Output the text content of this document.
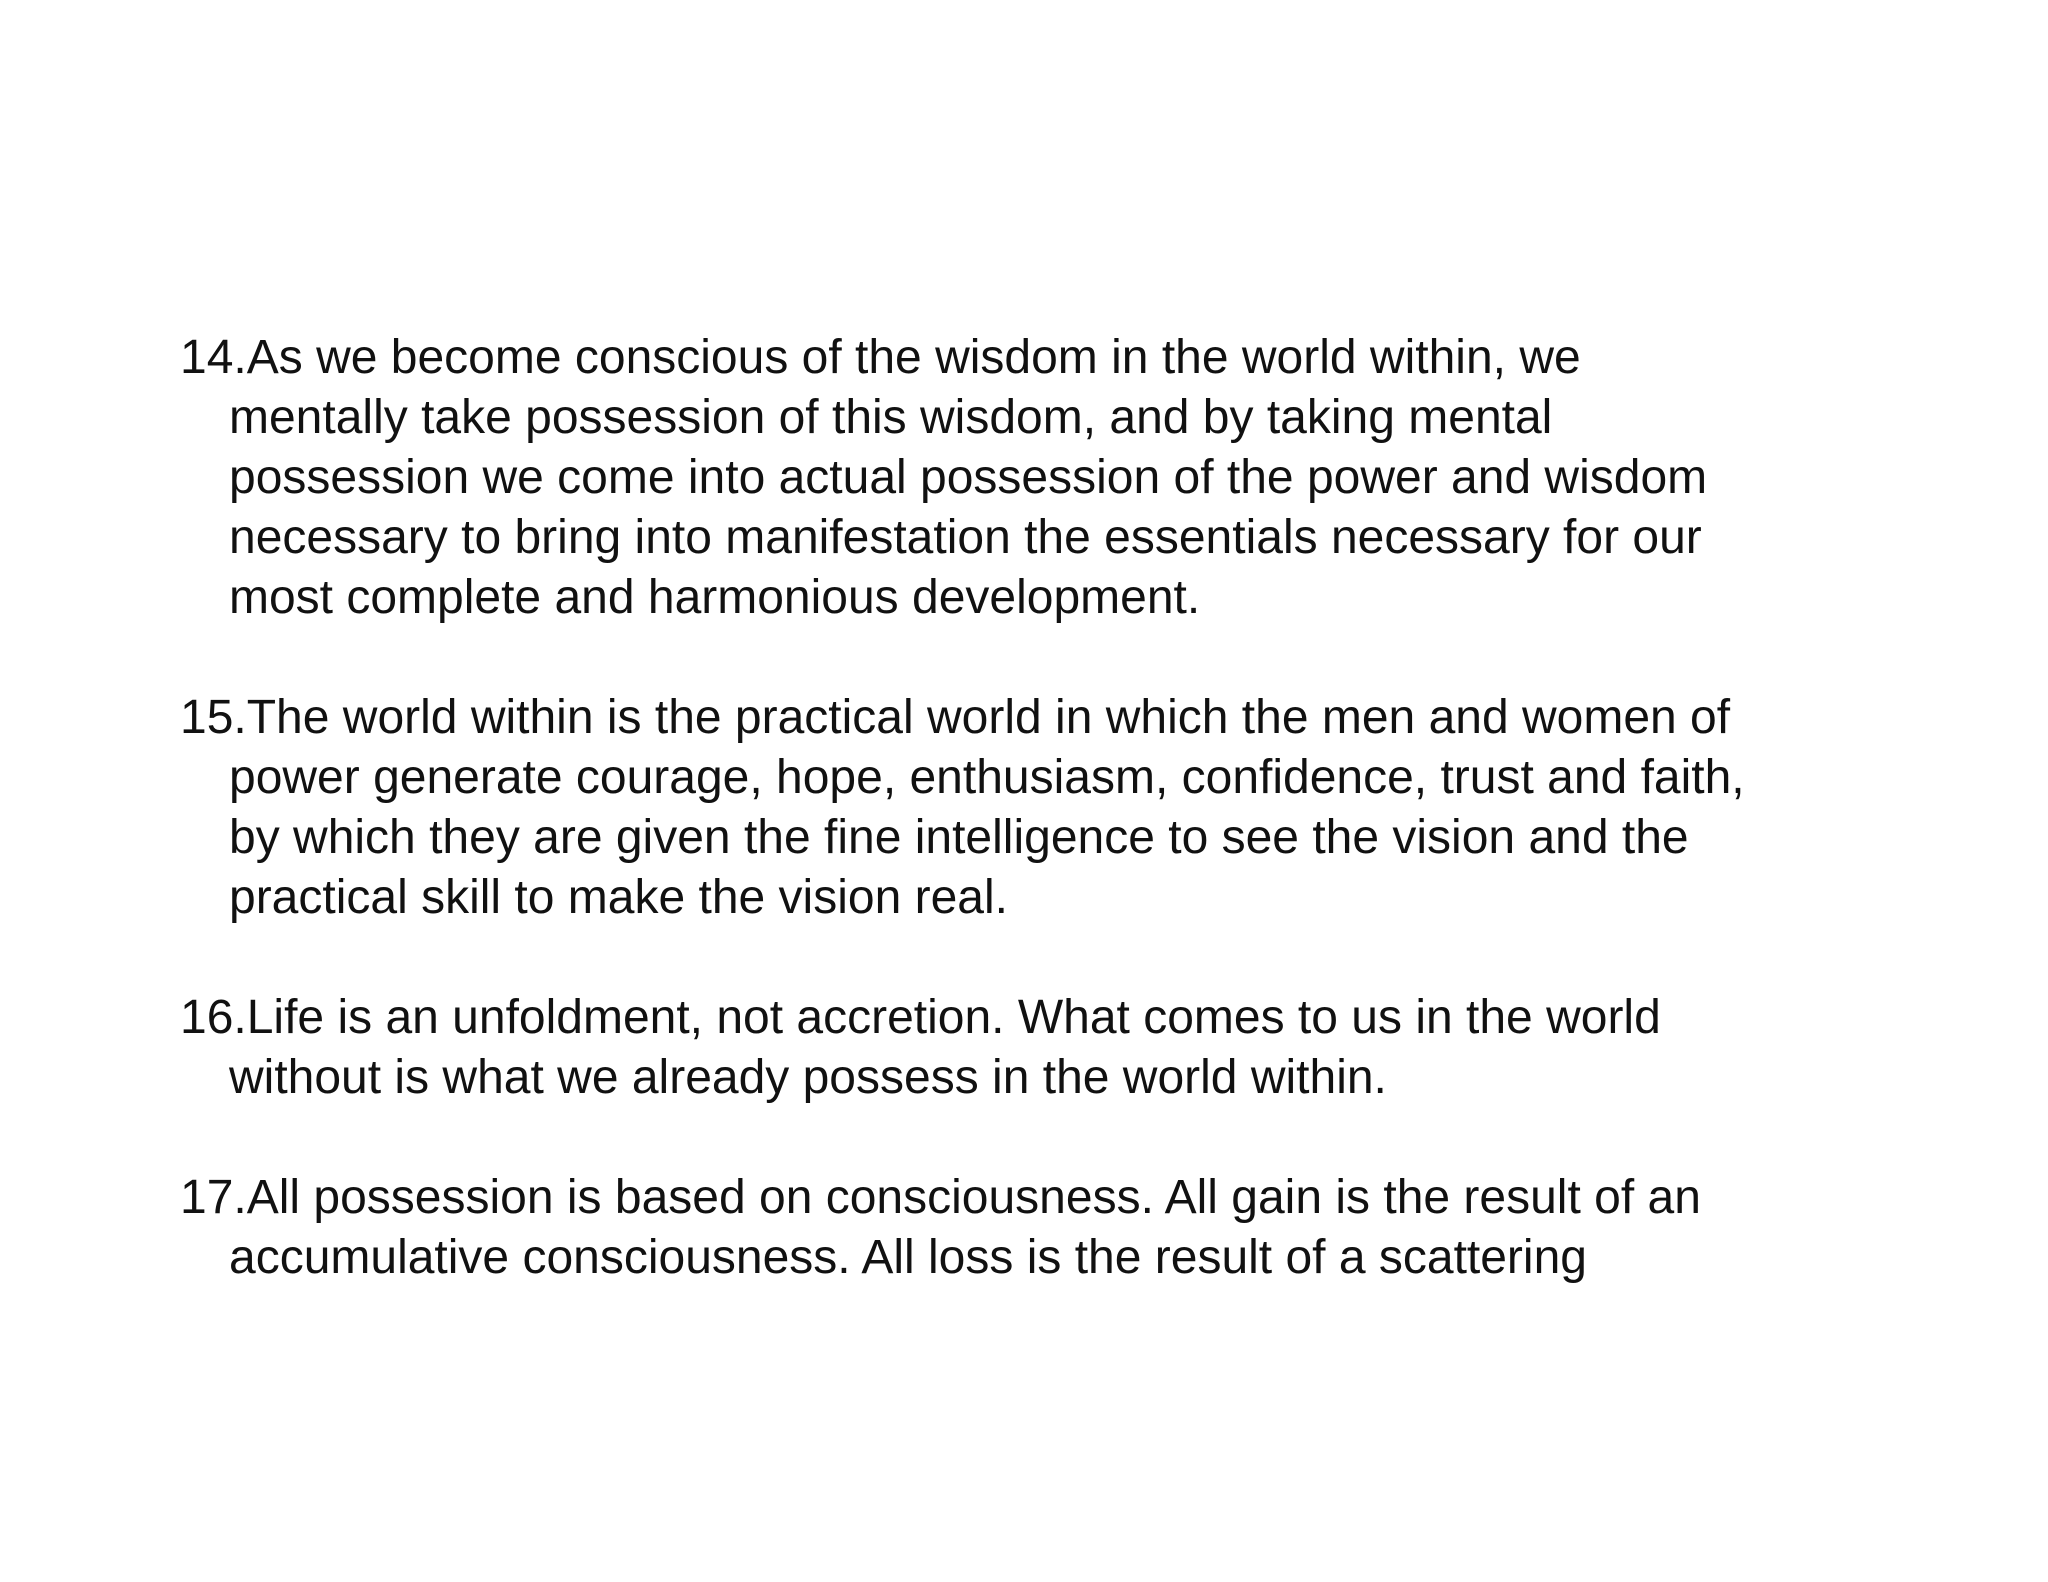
14.As we become conscious of the wisdom in the world within, we
mentally take possession of this wisdom, and by taking mental
possession we come into actual possession of the power and wisdom
necessary to bring into manifestation the essentials necessary for our
most complete and harmonious development.
15.The world within is the practical world in which the men and women of
power generate courage, hope, enthusiasm, confidence, trust and faith,
by which they are given the fine intelligence to see the vision and the
practical skill to make the vision real.
16.Life is an unfoldment, not accretion. What comes to us in the world
without is what we already possess in the world within.
17.All possession is based on consciousness. All gain is the result of an
accumulative consciousness. All loss is the result of a scattering
